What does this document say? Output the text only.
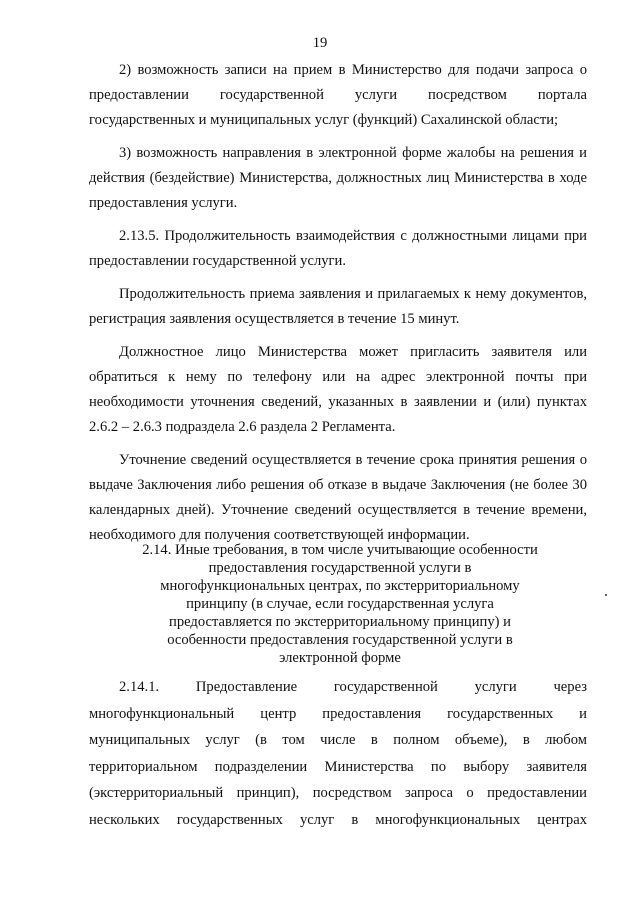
19

2) возможность записи на прием в Министерство для подачи запроса о предоставлении государственной услуги посредством портала государственных и муниципальных услуг (функций) Сахалинской области;

3) возможность направления в электронной форме жалобы на решения и действия (бездействие) Министерства, должностных лиц Министерства в ходе предоставления услуги.

2.13.5. Продолжительность взаимодействия с должностными лицами при предоставлении государственной услуги.

Продолжительность приема заявления и прилагаемых к нему документов, регистрация заявления осуществляется в течение 15 минут.

Должностное лицо Министерства может пригласить заявителя или обратиться к нему по телефону или на адрес электронной почты при необходимости уточнения сведений, указанных в заявлении и (или) пунктах 2.6.2 – 2.6.3 подраздела 2.6 раздела 2 Регламента.

Уточнение сведений осуществляется в течение срока принятия решения о выдаче Заключения либо решения об отказе в выдаче Заключения (не более 30 календарных дней). Уточнение сведений осуществляется в течение времени, необходимого для получения соответствующей информации.

2.14. Иные требования, в том числе учитывающие особенности предоставления государственной услуги в многофункциональных центрах, по экстерриториальному принципу (в случае, если государственная услуга предоставляется по экстерриториальному принципу) и особенности предоставления государственной услуги в электронной форме

2.14.1. Предоставление государственной услуги через многофункциональный центр предоставления государственных и муниципальных услуг (в том числе в полном объеме), в любом территориальном подразделении Министерства по выбору заявителя (экстерриториальный принцип), посредством запроса о предоставлении нескольких государственных услуг в многофункциональных центрах
